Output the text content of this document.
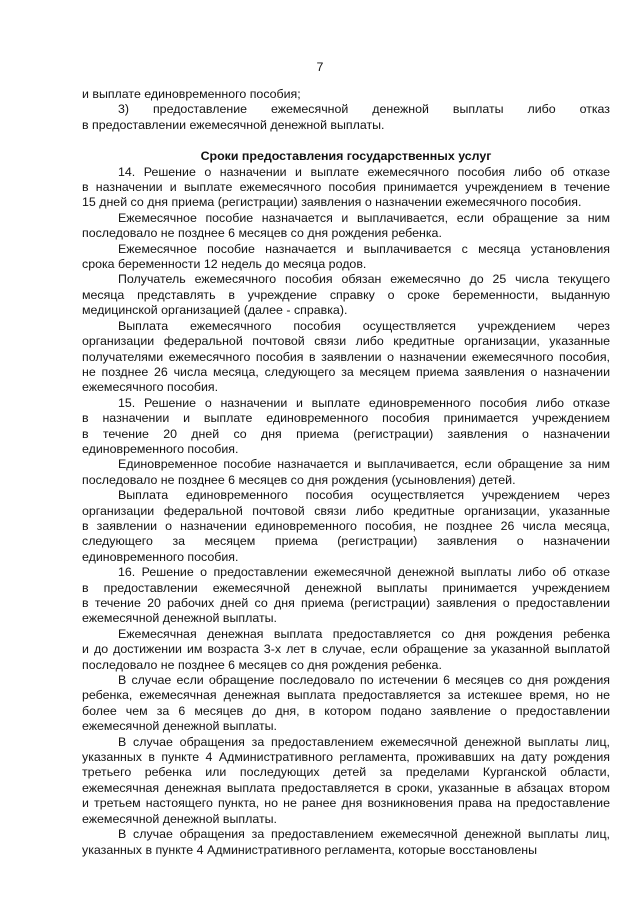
7

и выплате единовременного пособия;

3) предоставление ежемесячной денежной выплаты либо отказ

в предоставлении ежемесячной денежной выплаты.

Сроки предоставления государственных услуг

14. Решение о назначении и выплате ежемесячного пособия либо об отказе

в назначении и выплате ежемесячного пособия принимается учреждением в течение

15 дней со дня приема (регистрации) заявления о назначении ежемесячного пособия.

Ежемесячное пособие назначается и выплачивается, если обращение за ним

последовало не позднее 6 месяцев со дня рождения ребенка.

Ежемесячное пособие назначается и выплачивается с месяца установления

срока беременности 12 недель до месяца родов.

Получатель ежемесячного пособия обязан ежемесячно до 25 числа текущего

месяца представлять в учреждение справку о сроке беременности, выданную

медицинской организацией (далее - справка).

Выплата ежемесячного пособия осуществляется учреждением через

организации федеральной почтовой связи либо кредитные организации, указанные

получателями ежемесячного пособия в заявлении о назначении ежемесячного пособия,

не позднее 26 числа месяца, следующего за месяцем приема заявления о назначении

ежемесячного пособия.

15. Решение о назначении и выплате единовременного пособия либо отказе

в назначении и выплате единовременного пособия принимается учреждением

в течение 20 дней со дня приема (регистрации) заявления о назначении

единовременного пособия.

Единовременное пособие назначается и выплачивается, если обращение за ним

последовало не позднее 6 месяцев со дня рождения (усыновления) детей.

Выплата единовременного пособия осуществляется учреждением через

организации федеральной почтовой связи либо кредитные организации, указанные

в заявлении о назначении единовременного пособия, не позднее 26 числа месяца,

следующего за месяцем приема (регистрации) заявления о назначении

единовременного пособия.

16. Решение о предоставлении ежемесячной денежной выплаты либо об отказе

в предоставлении ежемесячной денежной выплаты принимается учреждением

в течение 20 рабочих дней со дня приема (регистрации) заявления о предоставлении

ежемесячной денежной выплаты.

Ежемесячная денежная выплата предоставляется со дня рождения ребенка

и до достижении им возраста 3-х лет в случае, если обращение за указанной выплатой

последовало не позднее 6 месяцев со дня рождения ребенка.

В случае если обращение последовало по истечении 6 месяцев со дня рождения

ребенка, ежемесячная денежная выплата предоставляется за истекшее время, но не

более чем за 6 месяцев до дня, в котором подано заявление о предоставлении

ежемесячной денежной выплаты.

В случае обращения за предоставлением ежемесячной денежной выплаты лиц,

указанных в пункте 4 Административного регламента, проживавших на дату рождения

третьего ребенка или последующих детей за пределами Курганской области,

ежемесячная денежная выплата предоставляется в сроки, указанные в абзацах втором

и третьем настоящего пункта, но не ранее дня возникновения права на предоставление

ежемесячной денежной выплаты.

В случае обращения за предоставлением ежемесячной денежной выплаты лиц,

указанных в пункте 4 Административного регламента, которые восстановлены
